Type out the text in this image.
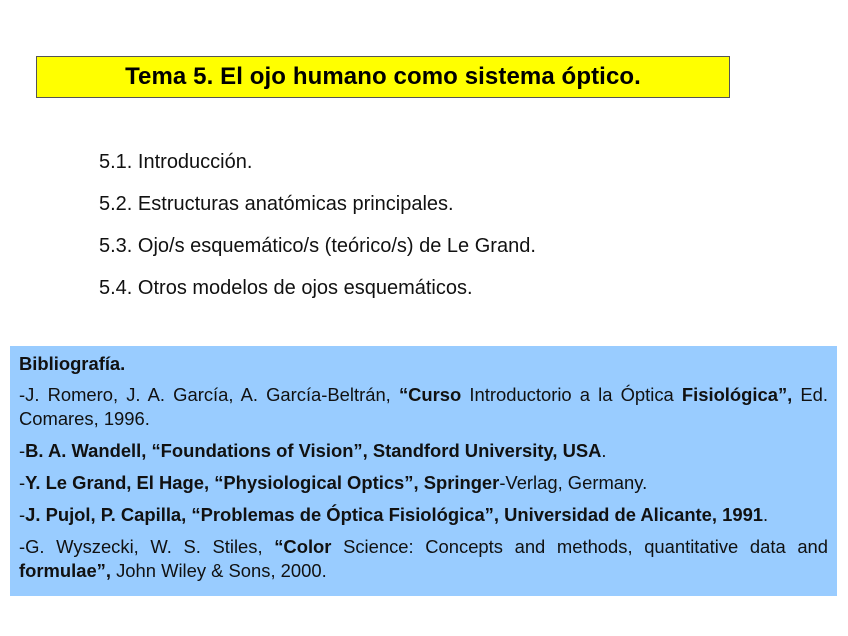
Tema 5. El ojo humano como sistema óptico.
5.1. Introducción.
5.2. Estructuras anatómicas principales.
5.3. Ojo/s esquemático/s (teórico/s) de Le Grand.
5.4. Otros modelos de ojos esquemáticos.
Bibliografía.
-J. Romero, J. A. García, A. García-Beltrán, “Curso Introductorio a la Óptica Fisiológica”, Ed. Comares, 1996.
-B. A. Wandell, “Foundations of Vision”, Standford University, USA.
-Y. Le Grand, El Hage, “Physiological Optics”, Springer-Verlag, Germany.
-J. Pujol, P. Capilla, “Problemas de Óptica Fisiológica”, Universidad de Alicante, 1991.
-G. Wyszecki, W. S. Stiles, “Color Science: Concepts and methods, quantitative data and formulae”, John Wiley & Sons, 2000.
